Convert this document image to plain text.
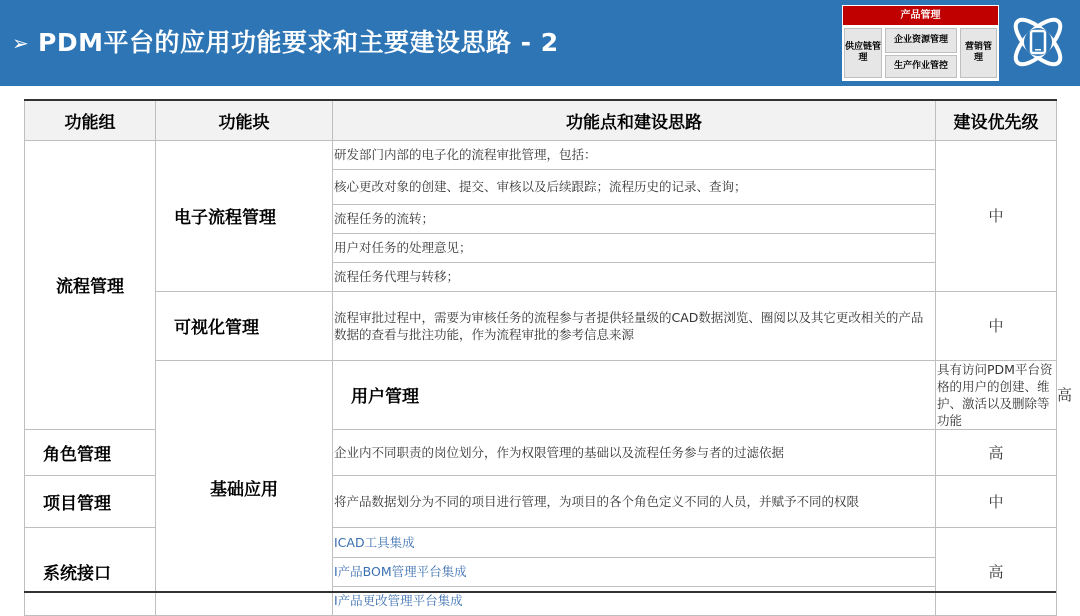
➢ PDM平台的应用功能要求和主要建设思路 - 2
产品管理
供应链管理
企业资源管理
生产作业管控
营销管理
功能组	功能块	功能点和建设思路	建设优先级	
流程管理	电子流程管理	研发部门内部的电子化的流程审批管理，包括：	中	
		核心更改对象的创建、提交、审核以及后续跟踪；流程历史的记录、查询；		
		流程任务的流转；		
		用户对任务的处理意见；		
		流程任务代理与转移；		
	可视化管理	流程审批过程中，需要为审核任务的流程参与者提供轻量级的CAD数据浏览、圈阅以及其它更改相关的产品数据的查看与批注功能，作为流程审批的参考信息来源	中	
	基础应用	用户管理	具有访问PDM平台资格的用户的创建、维护、激活以及删除等功能	高
角色管理		企业内不同职责的岗位划分，作为权限管理的基础以及流程任务参与者的过滤依据	高	
项目管理		将产品数据划分为不同的项目进行管理，为项目的各个角色定义不同的人员，并赋予不同的权限	中	
系统接口		ICAD工具集成	高	
		I产品BOM管理平台集成		
		I产品更改管理平台集成		
